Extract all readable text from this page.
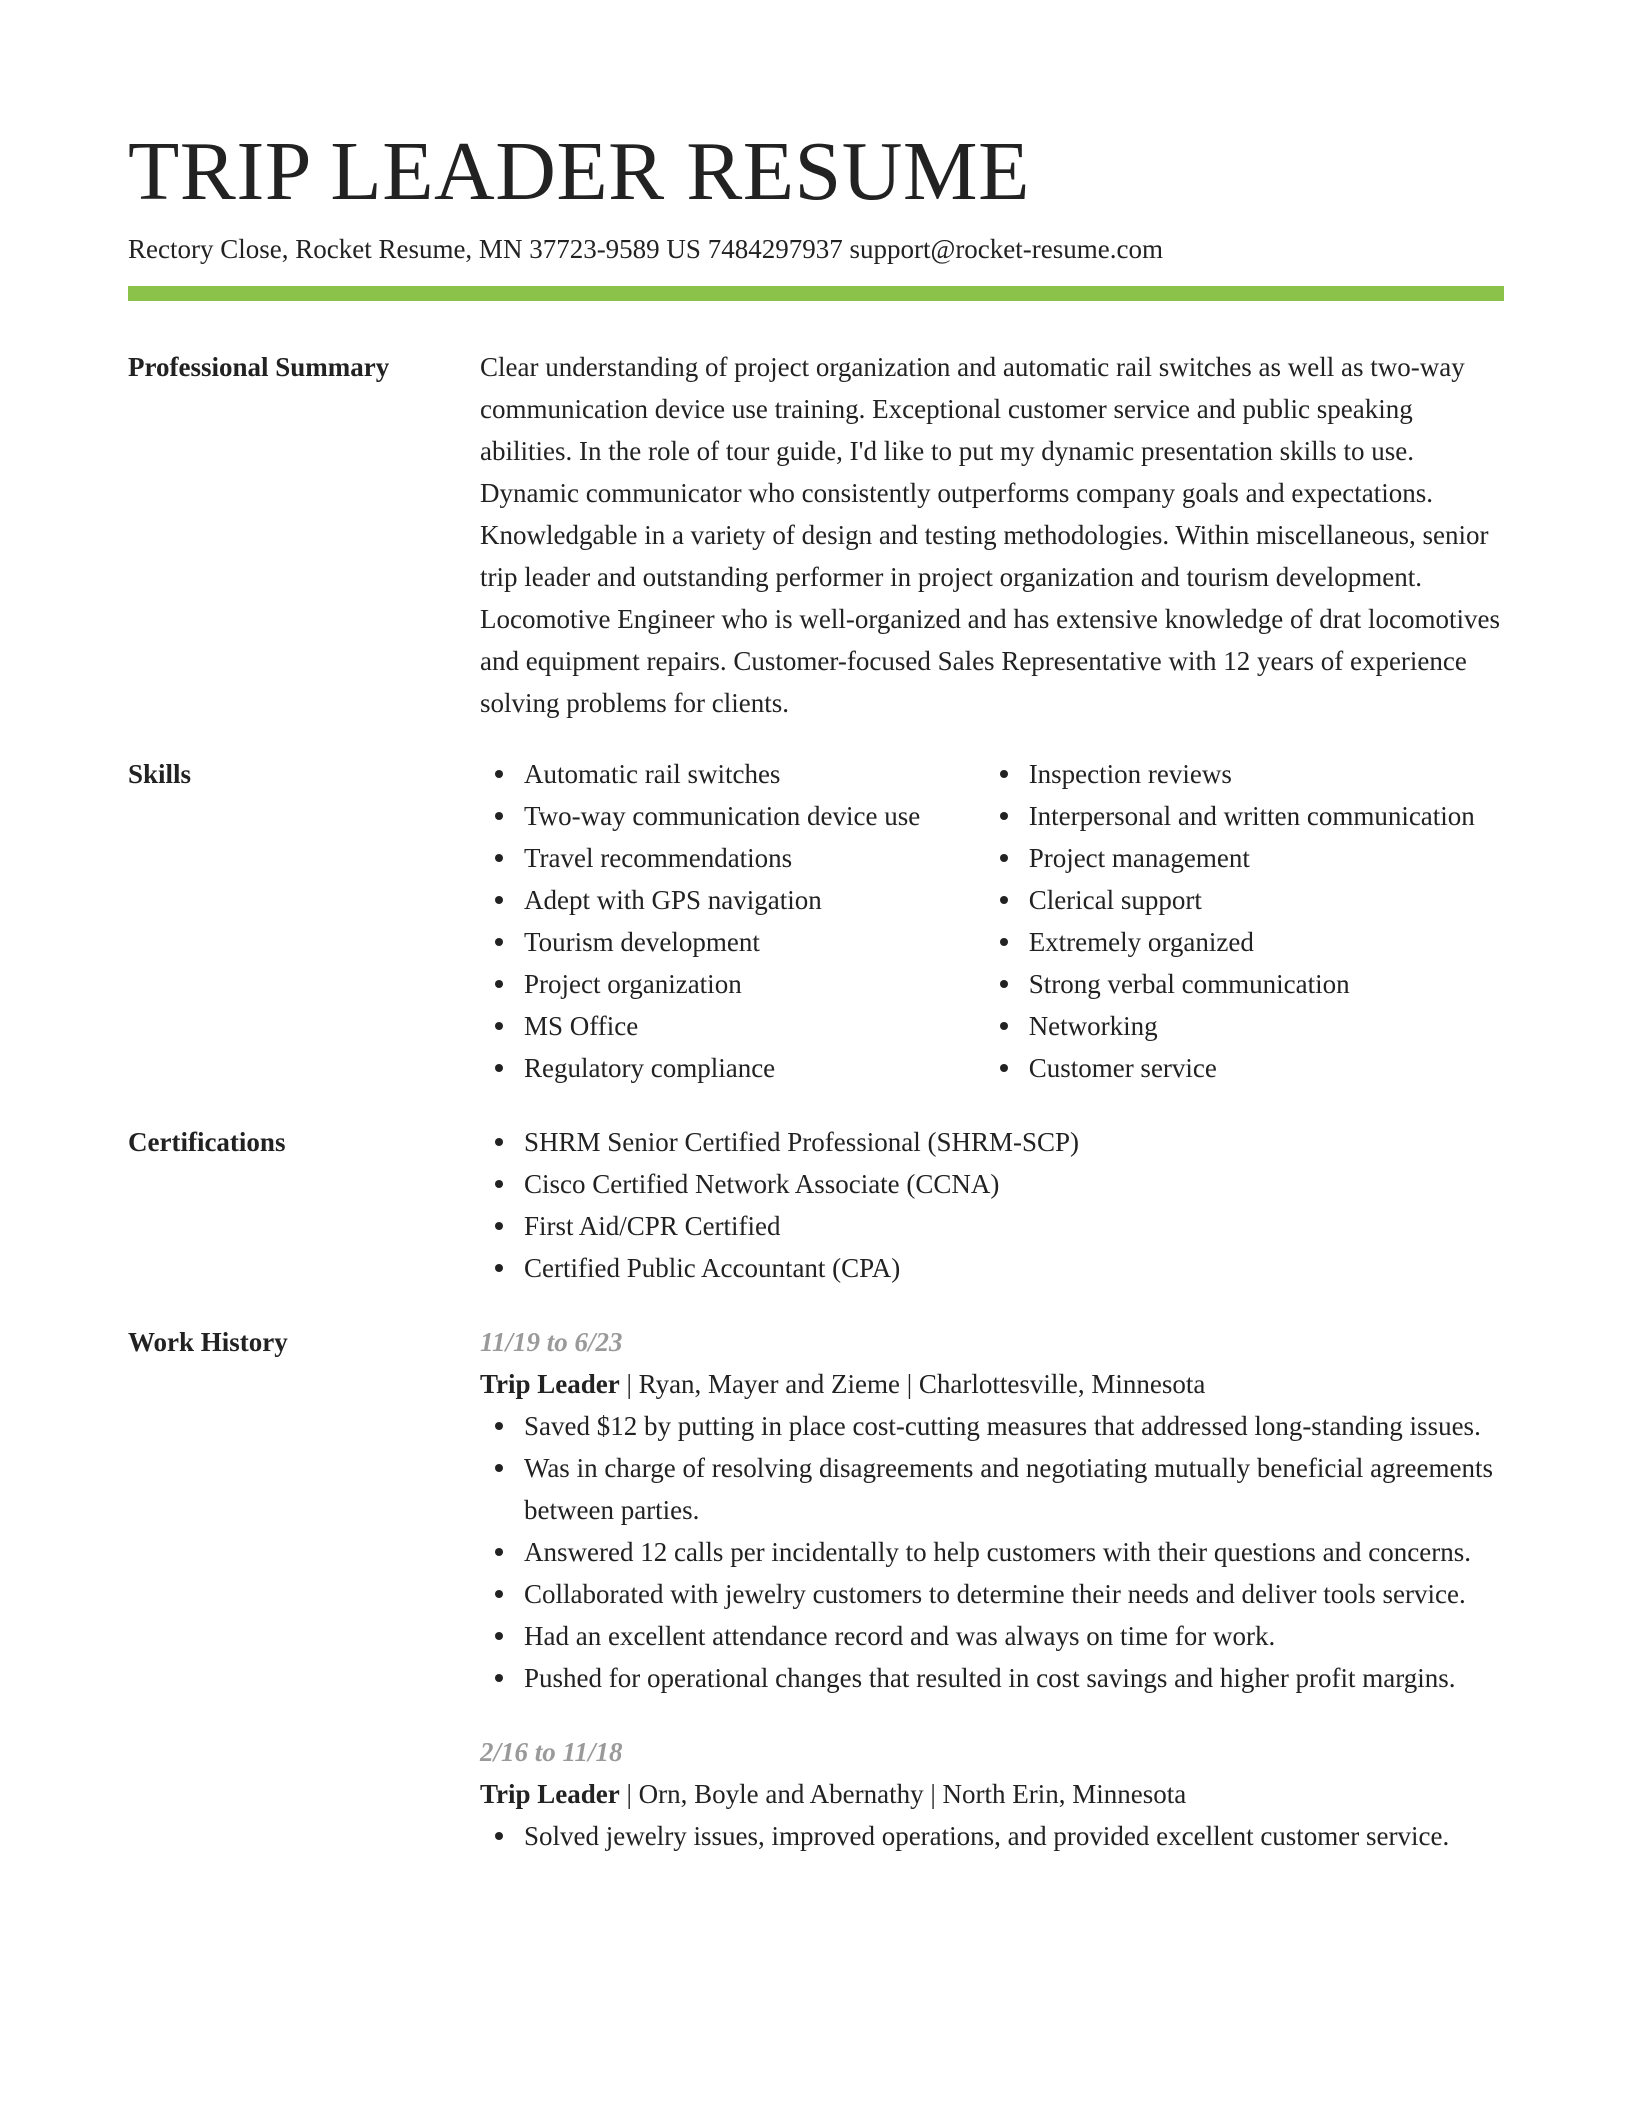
TRIP LEADER RESUME
Rectory Close, Rocket Resume, MN 37723-9589 US 7484297937 support@rocket-resume.com
Professional Summary	Clear understanding of project organization and automatic rail switches as well as two-way communication device use training. Exceptional customer service and public speaking abilities. In the role of tour guide, I'd like to put my dynamic presentation skills to use. Dynamic communicator who consistently outperforms company goals and expectations. Knowledgable in a variety of design and testing methodologies. Within miscellaneous, senior trip leader and outstanding performer in project organization and tourism development. Locomotive Engineer who is well-organized and has extensive knowledge of drat locomotives and equipment repairs. Customer-focused Sales Representative with 12 years of experience solving problems for clients.

Skills	Automatic rail switches
Two-way communication device use
Travel recommendations
Adept with GPS navigation
Tourism development
Project organization
MS Office
Regulatory compliance
Inspection reviews
Interpersonal and written communication
Project management
Clerical support
Extremely organized
Strong verbal communication
Networking
Customer service
Certifications	SHRM Senior Certified Professional (SHRM-SCP)
Cisco Certified Network Associate (CCNA)
First Aid/CPR Certified
Certified Public Accountant (CPA)
Work History	11/19 to 6/23
Trip Leader | Ryan, Mayer and Zieme | Charlottesville, Minnesota
Saved $12 by putting in place cost-cutting measures that addressed long-standing issues.
Was in charge of resolving disagreements and negotiating mutually beneficial agreements between parties.
Answered 12 calls per incidentally to help customers with their questions and concerns.
Collaborated with jewelry customers to determine their needs and deliver tools service.
Had an excellent attendance record and was always on time for work.
Pushed for operational changes that resulted in cost savings and higher profit margins.
2/16 to 11/18
Trip Leader | Orn, Boyle and Abernathy | North Erin, Minnesota
Solved jewelry issues, improved operations, and provided excellent customer service.
